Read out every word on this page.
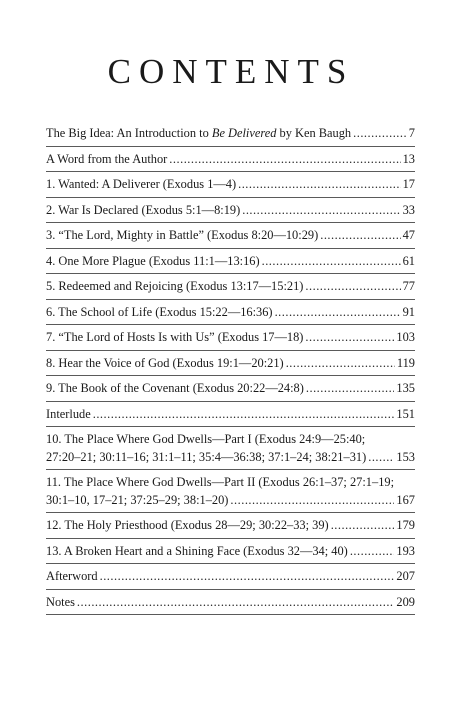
CONTENTS
The Big Idea: An Introduction to Be Delivered by Ken Baugh .....	7
A Word from the Author .....	13
1. Wanted: A Deliverer (Exodus 1—4) .....	17
2. War Is Declared (Exodus 5:1—8:19) .....	33
3. “The Lord, Mighty in Battle” (Exodus 8:20—10:29) .....	47
4. One More Plague (Exodus 11:1—13:16) .....	61
5. Redeemed and Rejoicing (Exodus 13:17—15:21) .....	77
6. The School of Life (Exodus 15:22—16:36) .....	91
7. “The Lord of Hosts Is with Us” (Exodus 17—18) .....	103
8. Hear the Voice of God (Exodus 19:1—20:21) .....	119
9. The Book of the Covenant (Exodus 20:22—24:8) .....	135
Interlude .....	151
10. The Place Where God Dwells—Part I (Exodus 24:9—25:40;
27:20–21; 30:11–16; 31:1–11; 35:4—36:38; 37:1–24; 38:21–31) ..... 153
11. The Place Where God Dwells—Part II (Exodus 26:1–37; 27:1–19;
30:1–10, 17–21; 37:25–29; 38:1–20) .....	167
12. The Holy Priesthood (Exodus 28—29; 30:22–33; 39) .....	179
13. A Broken Heart and a Shining Face (Exodus 32—34; 40) .....	193
Afterword .....	207
Notes .....	209
